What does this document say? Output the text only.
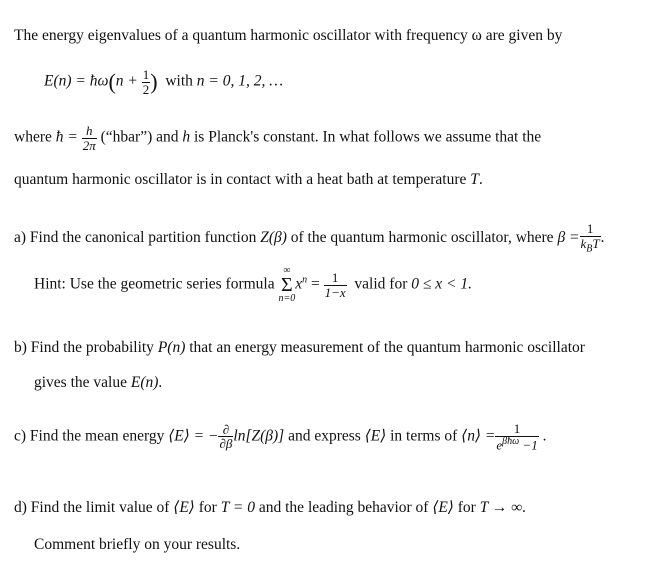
The energy eigenvalues of a quantum harmonic oscillator with frequency ω are given by
E(n) = ħω(n + $\frac{1}{2}$ ) with n = 0, 1, 2, …
where ħ = $\frac{h}{2\pi}$ (“hbar”) and h is Planck's constant. In what follows we assume that the
quantum harmonic oscillator is in contact with a heat bath at temperature T.
a) Find the canonical partition function Z(β) of the quantum harmonic oscillator, where $\beta = \frac{1}{k_BT}$ .
Hint: Use the geometric series formula ∞
Σ
$n=0x^n = \frac{1}{1-x}$ valid for 0 ≤ x < 1.
b) Find the probability P(n) that an energy measurement of the quantum harmonic oscillator
gives the value E(n).
c) Find the mean energy ⟨E⟩ = − $\frac{\partial}{\partial\beta} \ln[Z(\beta)]$ and express ⟨E⟩ in terms of ⟨n⟩ = $\frac{1}{e^{\beta ħ\omega} -1}$ .
d) Find the limit value of ⟨E⟩ for T = 0 and the leading behavior of ⟨E⟩ for T → ∞.
Comment briefly on your results.
